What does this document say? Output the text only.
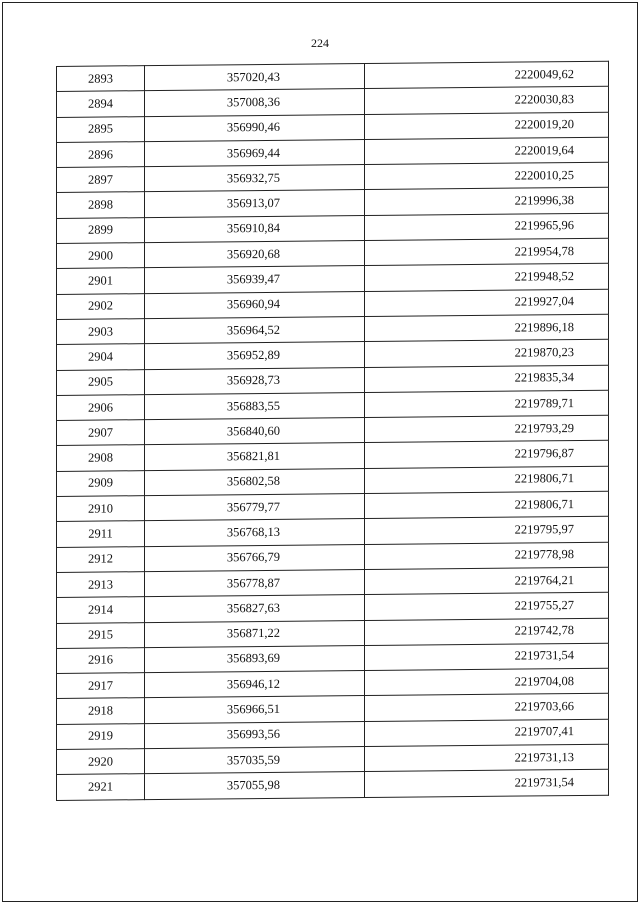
224
2893	357020,43	2220049,62
2894	357008,36	2220030,83
2895	356990,46	2220019,20
2896	356969,44	2220019,64
2897	356932,75	2220010,25
2898	356913,07	2219996,38
2899	356910,84	2219965,96
2900	356920,68	2219954,78
2901	356939,47	2219948,52
2902	356960,94	2219927,04
2903	356964,52	2219896,18
2904	356952,89	2219870,23
2905	356928,73	2219835,34
2906	356883,55	2219789,71
2907	356840,60	2219793,29
2908	356821,81	2219796,87
2909	356802,58	2219806,71
2910	356779,77	2219806,71
2911	356768,13	2219795,97
2912	356766,79	2219778,98
2913	356778,87	2219764,21
2914	356827,63	2219755,27
2915	356871,22	2219742,78
2916	356893,69	2219731,54
2917	356946,12	2219704,08
2918	356966,51	2219703,66
2919	356993,56	2219707,41
2920	357035,59	2219731,13
2921	357055,98	2219731,54
